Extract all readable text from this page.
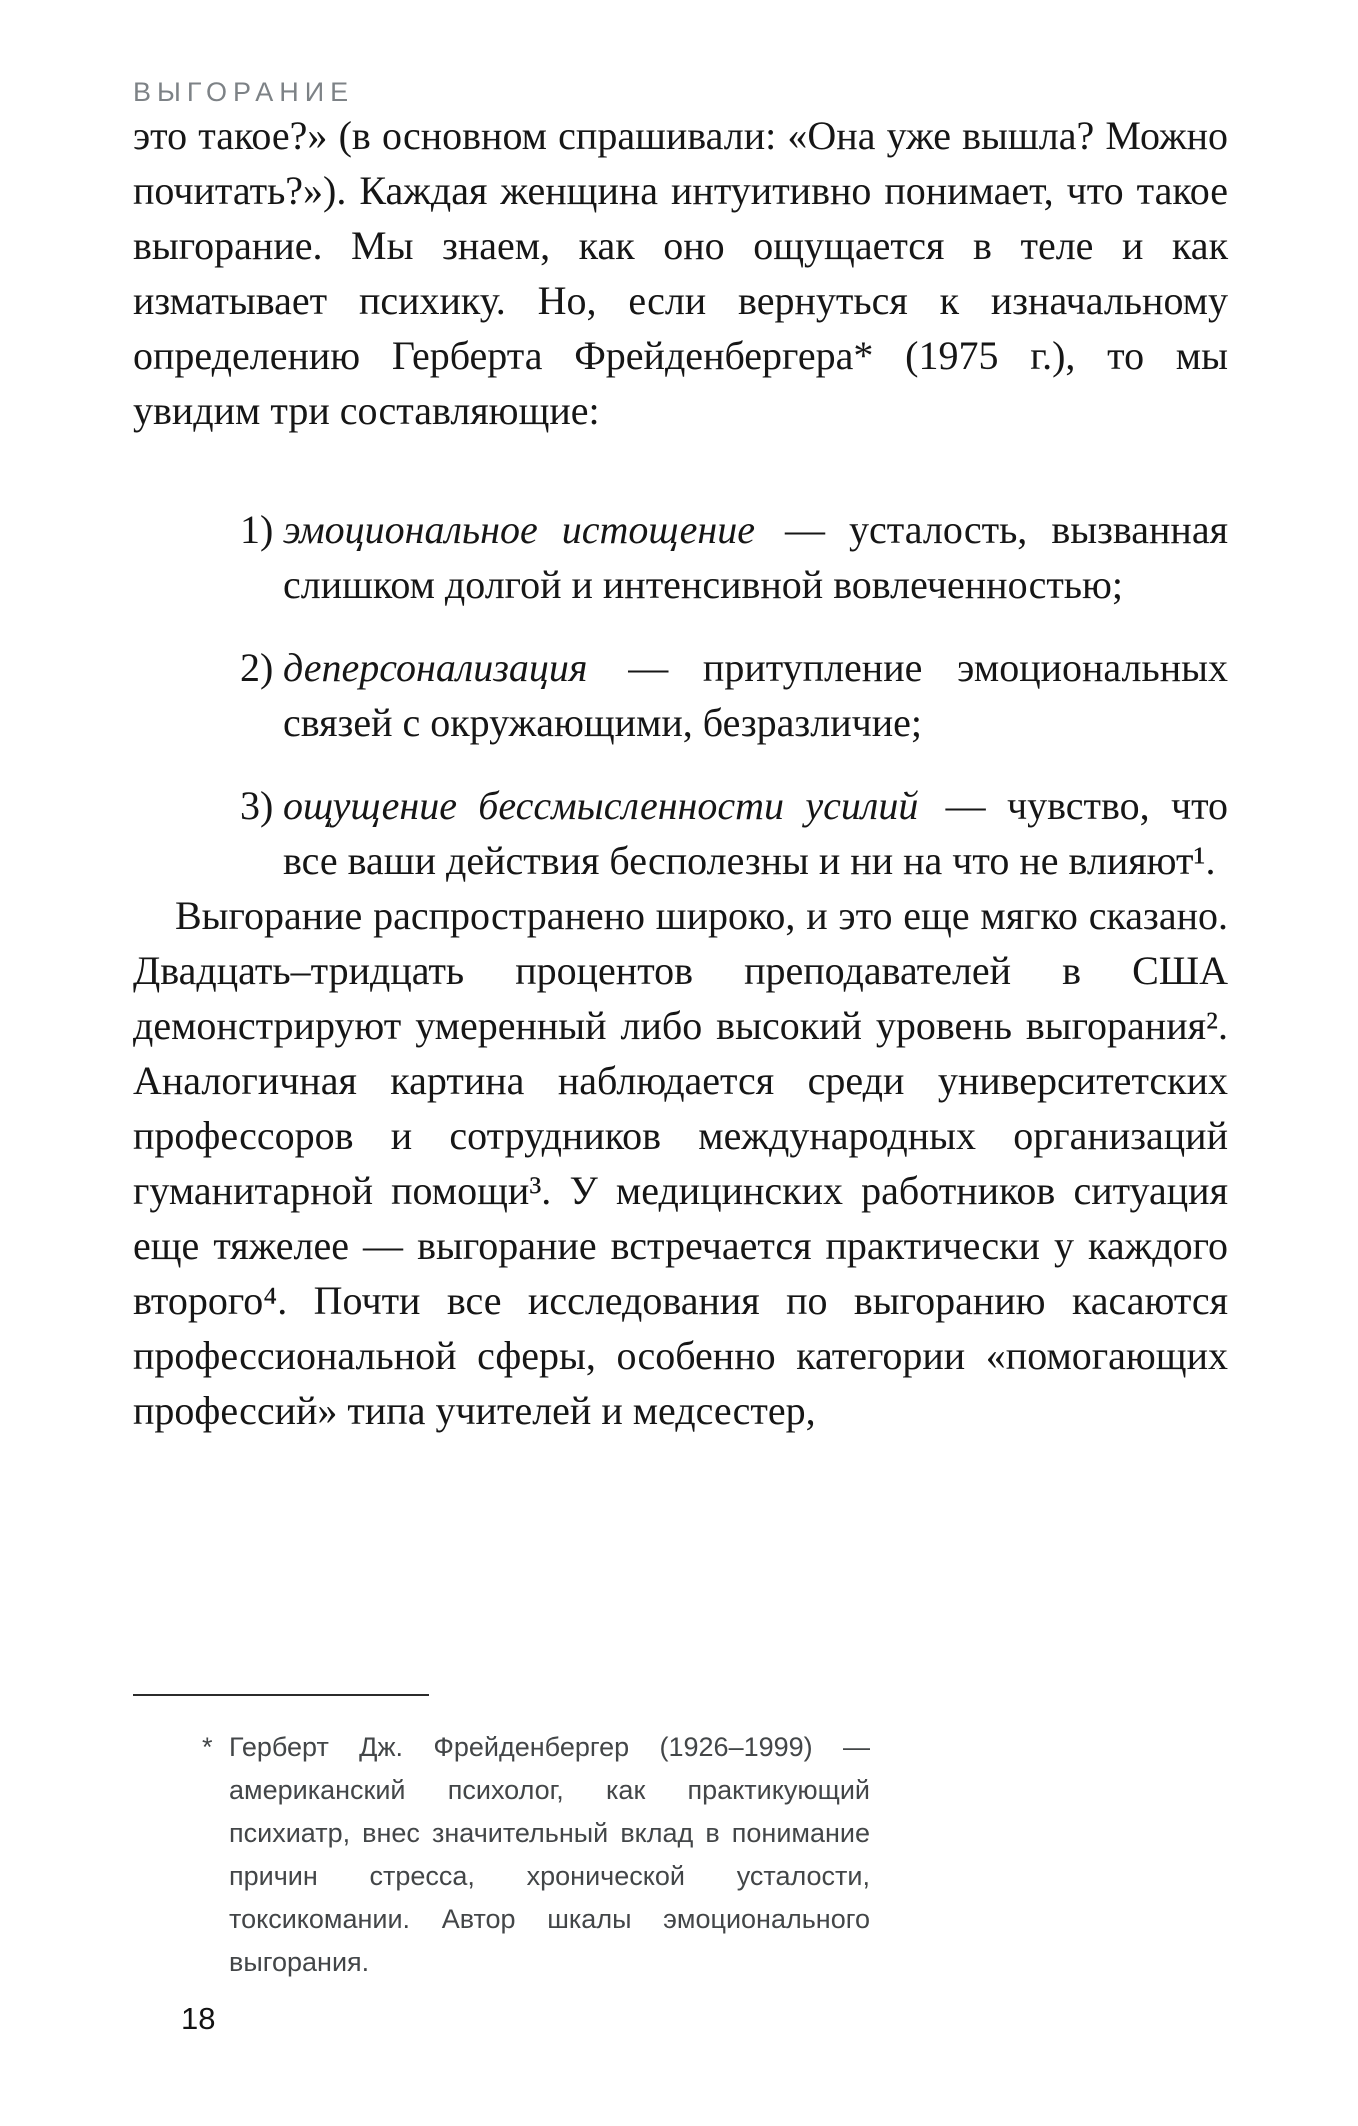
ВЫГОРАНИЕ

это такое?» (в основном спрашивали: «Она уже вышла? Можно почитать?»). Каждая женщина интуитивно понимает, что такое выгорание. Мы знаем, как оно ощущается в теле и как изматывает психику. Но, если вернуться к изначальному определению Герберта Фрейденбергера* (1975 г.), то мы увидим три составляющие:

1) эмоциональное истощение — усталость, вызванная слишком долгой и интенсивной вовлеченностью;
2) деперсонализация — притупление эмоциональных связей с окружающими, безразличие;
3) ощущение бессмысленности усилий — чувство, что все ваши действия бесполезны и ни на что не влияют¹.

Выгорание распространено широко, и это еще мягко сказано. Двадцать–тридцать процентов преподавателей в США демонстрируют умеренный либо высокий уровень выгорания². Аналогичная картина наблюдается среди университетских профессоров и сотрудников международных организаций гуманитарной помощи³. У медицинских работников ситуация еще тяжелее — выгорание встречается практически у каждого второго⁴. Почти все исследования по выгоранию касаются профессиональной сферы, особенно категории «помогающих профессий» типа учителей и медсестер,

* Герберт Дж. Фрейденбергер (1926–1999) — американский психолог, как практикующий психиатр, внес значительный вклад в понимание причин стресса, хронической усталости, токсикомании. Автор шкалы эмоционального выгорания.
18
